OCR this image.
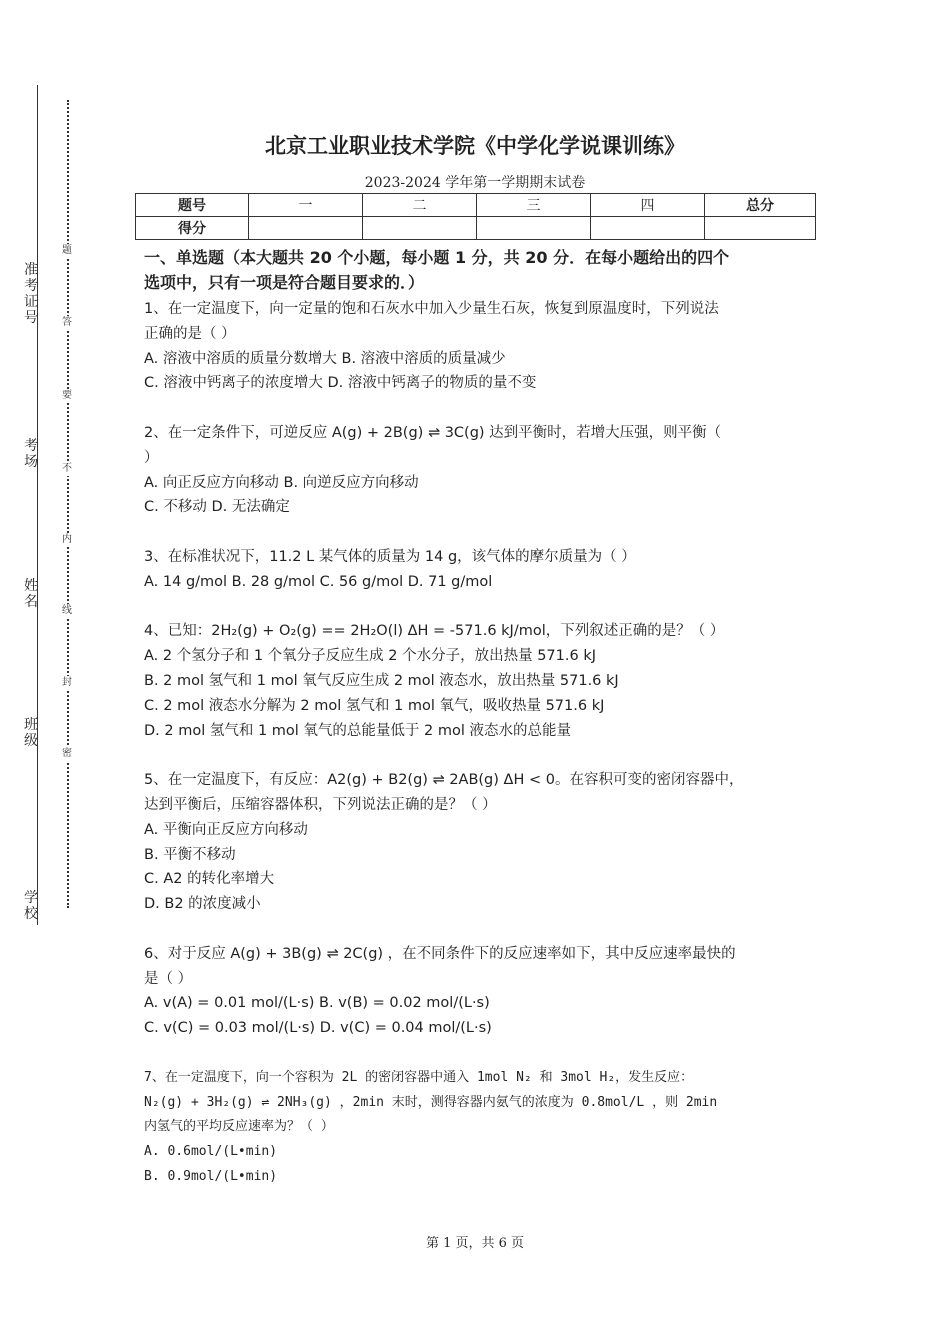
准
考
证
号
考
场
姓
名
班
级
学
校
题
答
要
不
内
线
封
密
北京工业职业技术学院《中学化学说课训练》
2023-2024 学年第一学期期末试卷
题号	一	二	三	四	总分
得分					
一、单选题（本大题共 20 个小题，每小题 1 分，共 20 分．在每小题给出的四个
选项中，只有一项是符合题目要求的．）
1、在一定温度下，向一定量的饱和石灰水中加入少量生石灰，恢复到原温度时，下列说法
正确的是（ ）
A. 溶液中溶质的质量分数增大 B. 溶液中溶质的质量减少
C. 溶液中钙离子的浓度增大 D. 溶液中钙离子的物质的量不变
2、在一定条件下，可逆反应 A(g) + 2B(g) ⇌ 3C(g) 达到平衡时，若增大压强，则平衡（
）
A. 向正反应方向移动 B. 向逆反应方向移动
C. 不移动 D. 无法确定
3、在标准状况下，11.2 L 某气体的质量为 14 g，该气体的摩尔质量为（ ）
A. 14 g/mol B. 28 g/mol C. 56 g/mol D. 71 g/mol
4、已知：2H₂(g) + O₂(g) == 2H₂O(l) ΔH = -571.6 kJ/mol，下列叙述正确的是？（ ）
A. 2 个氢分子和 1 个氧分子反应生成 2 个水分子，放出热量 571.6 kJ
B. 2 mol 氢气和 1 mol 氧气反应生成 2 mol 液态水，放出热量 571.6 kJ
C. 2 mol 液态水分解为 2 mol 氢气和 1 mol 氧气，吸收热量 571.6 kJ
D. 2 mol 氢气和 1 mol 氧气的总能量低于 2 mol 液态水的总能量
5、在一定温度下，有反应：A2(g) + B2(g) ⇌ 2AB(g) ΔH < 0。在容积可变的密闭容器中，
达到平衡后，压缩容器体积，下列说法正确的是？（ ）
A. 平衡向正反应方向移动
B. 平衡不移动
C. A2 的转化率增大
D. B2 的浓度减小
6、对于反应 A(g) + 3B(g) ⇌ 2C(g) ，在不同条件下的反应速率如下，其中反应速率最快的
是（ ）
A. v(A) = 0.01 mol/(L·s) B. v(B) = 0.02 mol/(L·s)
C. v(C) = 0.03 mol/(L·s) D. v(C) = 0.04 mol/(L·s)
7、在一定温度下，向一个容积为 2L 的密闭容器中通入 1mol N₂ 和 3mol H₂，发生反应：
N₂(g) + 3H₂(g) ⇌ 2NH₃(g) ，2min 末时，测得容器内氨气的浓度为 0.8mol/L ，则 2min
内氢气的平均反应速率为？（ ）
A. 0.6mol/(L•min)
B. 0.9mol/(L•min)
第 1 页，共 6 页
